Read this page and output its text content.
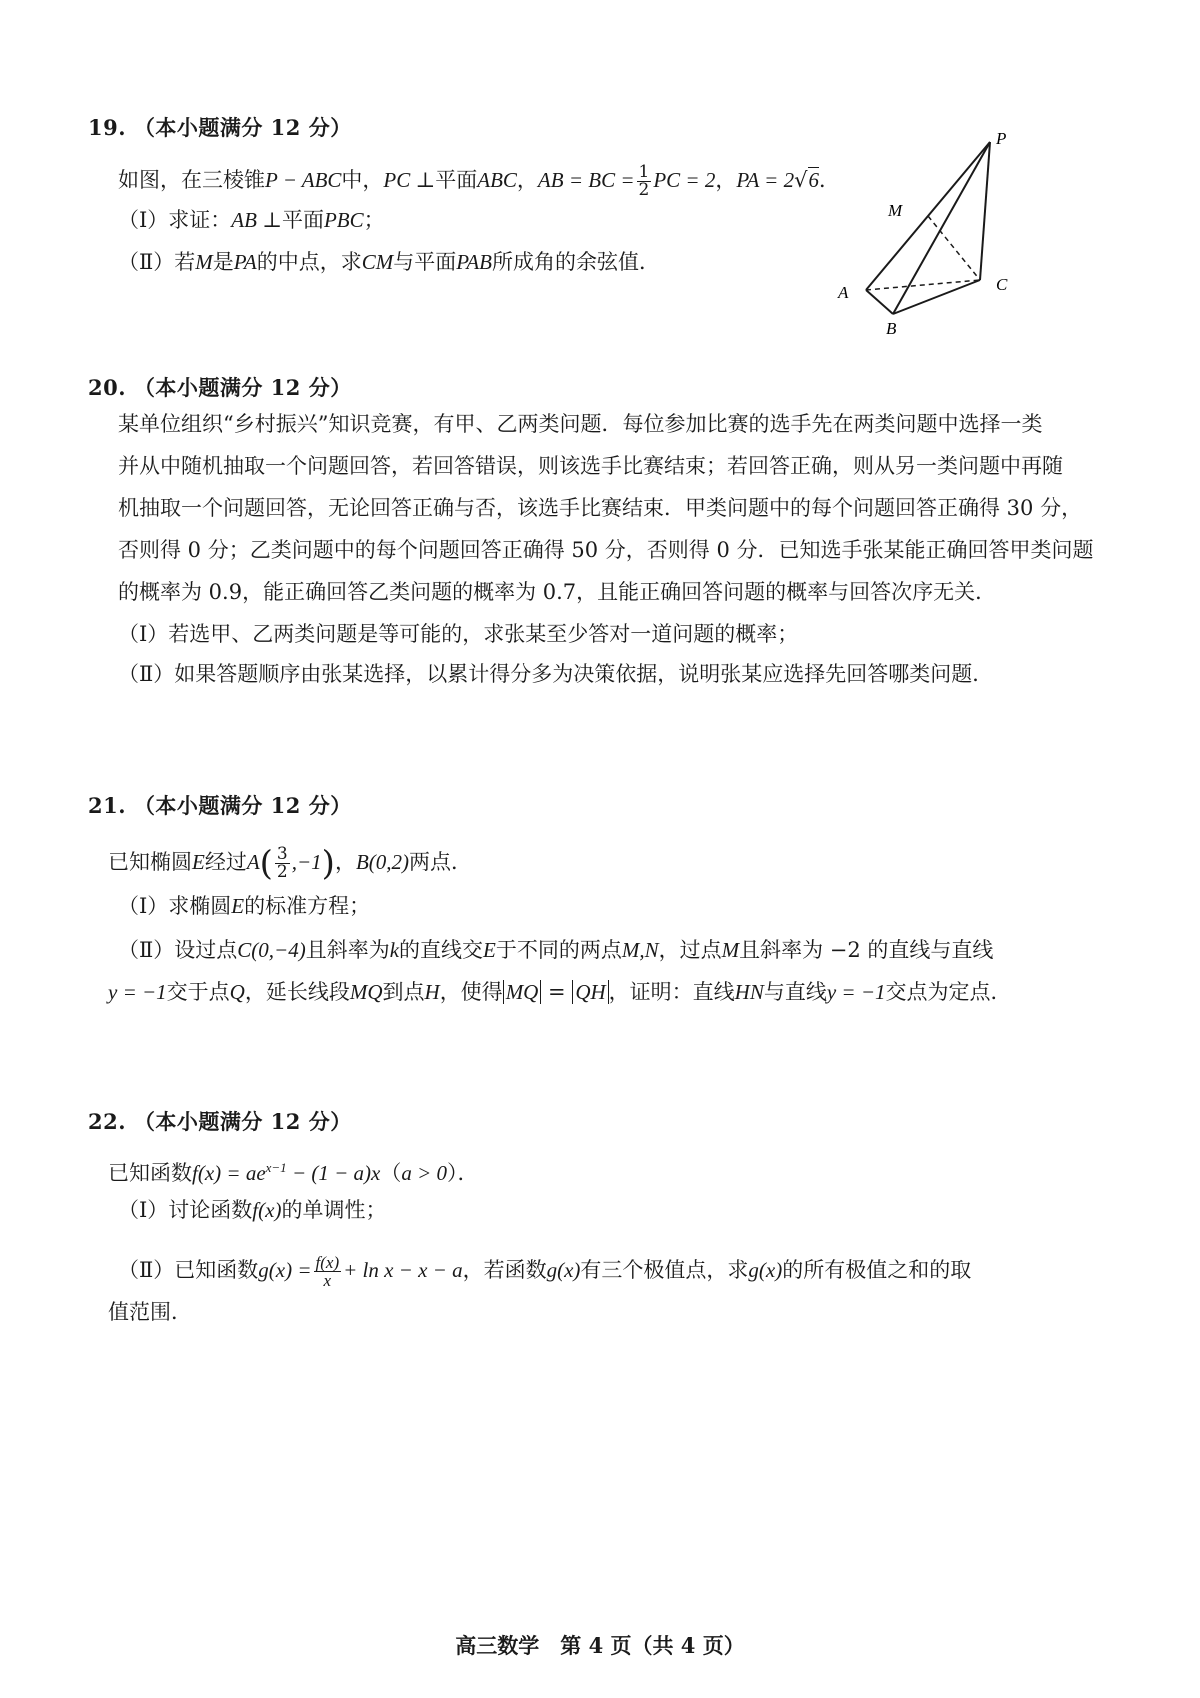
19. （本小题满分 12 分）
如图，在三棱锥P − ABC中，PC ⊥平面ABC，AB = BC = $\frac{1}{2}$ PC = 2，PA = 2√6．
（Ⅰ）求证：AB ⊥平面PBC；
（Ⅱ）若M是PA的中点，求CM与平面PAB所成角的余弦值．
P
M
A
B
C
20. （本小题满分 12 分）
某单位组织“乡村振兴”知识竞赛，有甲、乙两类问题．每位参加比赛的选手先在两类问题中选择一类
并从中随机抽取一个问题回答，若回答错误，则该选手比赛结束；若回答正确，则从另一类问题中再随
机抽取一个问题回答，无论回答正确与否，该选手比赛结束．甲类问题中的每个问题回答正确得 30 分，
否则得 0 分；乙类问题中的每个问题回答正确得 50 分，否则得 0 分．已知选手张某能正确回答甲类问题
的概率为 0.9，能正确回答乙类问题的概率为 0.7，且能正确回答问题的概率与回答次序无关．
（Ⅰ）若选甲、乙两类问题是等可能的，求张某至少答对一道问题的概率；
（Ⅱ）如果答题顺序由张某选择，以累计得分多为决策依据，说明张某应选择先回答哪类问题．
21. （本小题满分 12 分）
已知椭圆E经过$A( \frac{3}{2} ,-1)$，B(0,2)两点．
（Ⅰ）求椭圆E的标准方程；
（Ⅱ）设过点C(0,−4)且斜率为k的直线交E于不同的两点M,N，过点M且斜率为 −2 的直线与直线
y = −1交于点Q，延长线段MQ到点H，使得 MQ = QH ，证明：直线HN与直线y = −1交点为定点．
22. （本小题满分 12 分）
已知函数$f(x) = ae^{x-1} - (1 - a)x(a > 0)$．
（Ⅰ）讨论函数f(x)的单调性；
（Ⅱ）已知函数$g(x) = \frac{f(x)}{x} + \ln x - x - a$，若函数g(x)有三个极值点，求g(x)的所有极值之和的取
值范围．
高三数学　第 4 页（共 4 页）
